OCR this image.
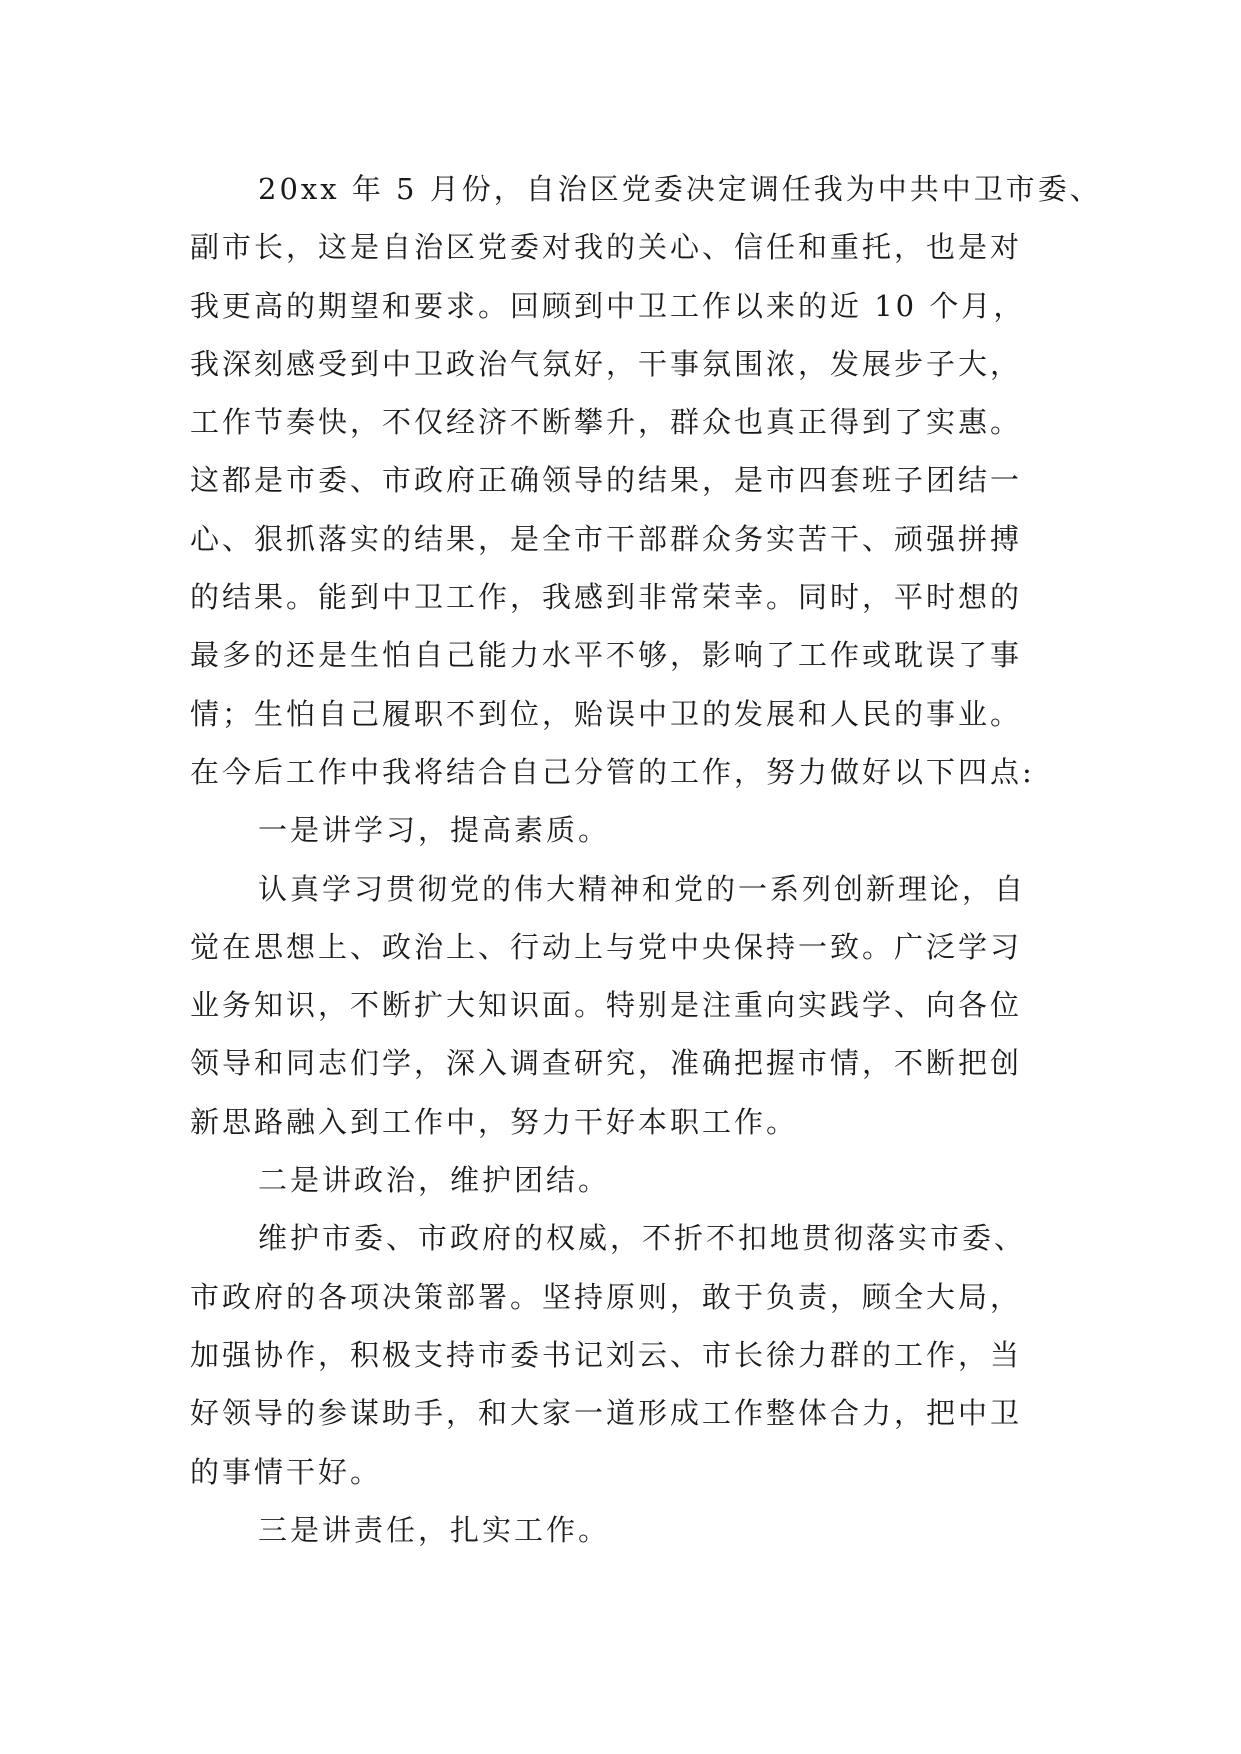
20xx 年 5 月份，自治区党委决定调任我为中共中卫市委、
副市长，这是自治区党委对我的关心、信任和重托，也是对
我更高的期望和要求。回顾到中卫工作以来的近 10 个月，
我深刻感受到中卫政治气氛好，干事氛围浓，发展步子大，
工作节奏快，不仅经济不断攀升，群众也真正得到了实惠。
这都是市委、市政府正确领导的结果，是市四套班子团结一
心、狠抓落实的结果，是全市干部群众务实苦干、顽强拼搏
的结果。能到中卫工作，我感到非常荣幸。同时，平时想的
最多的还是生怕自己能力水平不够，影响了工作或耽误了事
情；生怕自己履职不到位，贻误中卫的发展和人民的事业。
在今后工作中我将结合自己分管的工作，努力做好以下四点:
一是讲学习，提高素质。
认真学习贯彻党的伟大精神和党的一系列创新理论，自
觉在思想上、政治上、行动上与党中央保持一致。广泛学习
业务知识，不断扩大知识面。特别是注重向实践学、向各位
领导和同志们学，深入调查研究，准确把握市情，不断把创
新思路融入到工作中，努力干好本职工作。
二是讲政治，维护团结。
维护市委、市政府的权威，不折不扣地贯彻落实市委、
市政府的各项决策部署。坚持原则，敢于负责，顾全大局，
加强协作，积极支持市委书记刘云、市长徐力群的工作，当
好领导的参谋助手，和大家一道形成工作整体合力，把中卫
的事情干好。
三是讲责任，扎实工作。
